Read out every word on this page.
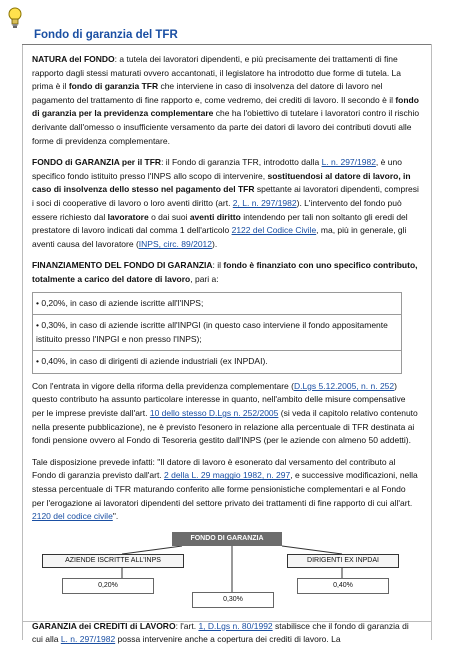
Fondo di garanzia del TFR

NATURA del FONDO: a tutela dei lavoratori dipendenti, e più precisamente dei trattamenti di fine rapporto dagli stessi maturati ovvero accantonati, il legislatore ha introdotto due forme di tutela. La prima è il fondo di garanzia TFR che interviene in caso di insolvenza del datore di lavoro nel pagamento del trattamento di fine rapporto e, come vedremo, dei crediti di lavoro. Il secondo è il fondo di garanzia per la previdenza complementare che ha l'obiettivo di tutelare i lavoratori contro il rischio derivante dall'omesso o insufficiente versamento da parte dei datori di lavoro dei contributi dovuti alle forme di previdenza complementare.

FONDO di GARANZIA per il TFR: il Fondo di garanzia TFR, introdotto dalla L. n. 297/1982, è uno specifico fondo istituito presso l'INPS allo scopo di intervenire, sostituendosi al datore di lavoro, in caso di insolvenza dello stesso nel pagamento del TFR spettante ai lavoratori dipendenti, compresi i soci di cooperative di lavoro o loro aventi diritto (art. 2, L. n. 297/1982). L'intervento del fondo può essere richiesto dal lavoratore o dai suoi aventi diritto intendendo per tali non soltanto gli eredi del prestatore di lavoro indicati dal comma 1 dell'articolo 2122 del Codice Civile, ma, più in generale, gli aventi causa del lavoratore (INPS, circ. 89/2012).

FINANZIAMENTO DEL FONDO DI GARANZIA: il fondo è finanziato con uno specifico contributo, totalmente a carico del datore di lavoro, pari a:

• 0,20%, in caso di aziende iscritte all'l'INPS;
• 0,30%, in caso di aziende iscritte all'INPGI (in questo caso interviene il fondo appositamente istituito presso l'INPGI e non presso l'INPS);
• 0,40%, in caso di dirigenti di aziende industriali (ex INPDAI).

Con l'entrata in vigore della riforma della previdenza complementare (D.Lgs 5.12.2005, n. n. 252) questo contributo ha assunto particolare interesse in quanto, nell'ambito delle misure compensative per le imprese previste dall'art. 10 dello stesso D.Lgs n. 252/2005 (si veda il capitolo relativo contenuto nella presente pubblicazione), ne è previsto l'esonero in relazione alla percentuale di TFR destinata ai fondi pensione ovvero al Fondo di Tesoreria gestito dall'INPS (per le aziende con almeno 50 addetti).

Tale disposizione prevede infatti: "Il datore di lavoro è esonerato dal versamento del contributo al Fondo di garanzia previsto dall'art. 2 della L. 29 maggio 1982, n. 297, e successive modificazioni, nella stessa percentuale di TFR maturando conferito alle forme pensionistiche complementari e al Fondo per l'erogazione ai lavoratori dipendenti del settore privato dei trattamenti di fine rapporto di cui all'art. 2120 del codice civile".

FONDO DI GARANZIA
AZIENDE ISCRITTE ALL'INPS	DIRIGENTI EX INPDAI
0,20%
0,30%
0,40%

GARANZIA dei CREDITI di LAVORO: l'art. 1, D.Lgs n. 80/1992 stabilisce che il fondo di garanzia di cui alla L. n. 297/1982 possa intervenire anche a copertura dei crediti di lavoro. La
